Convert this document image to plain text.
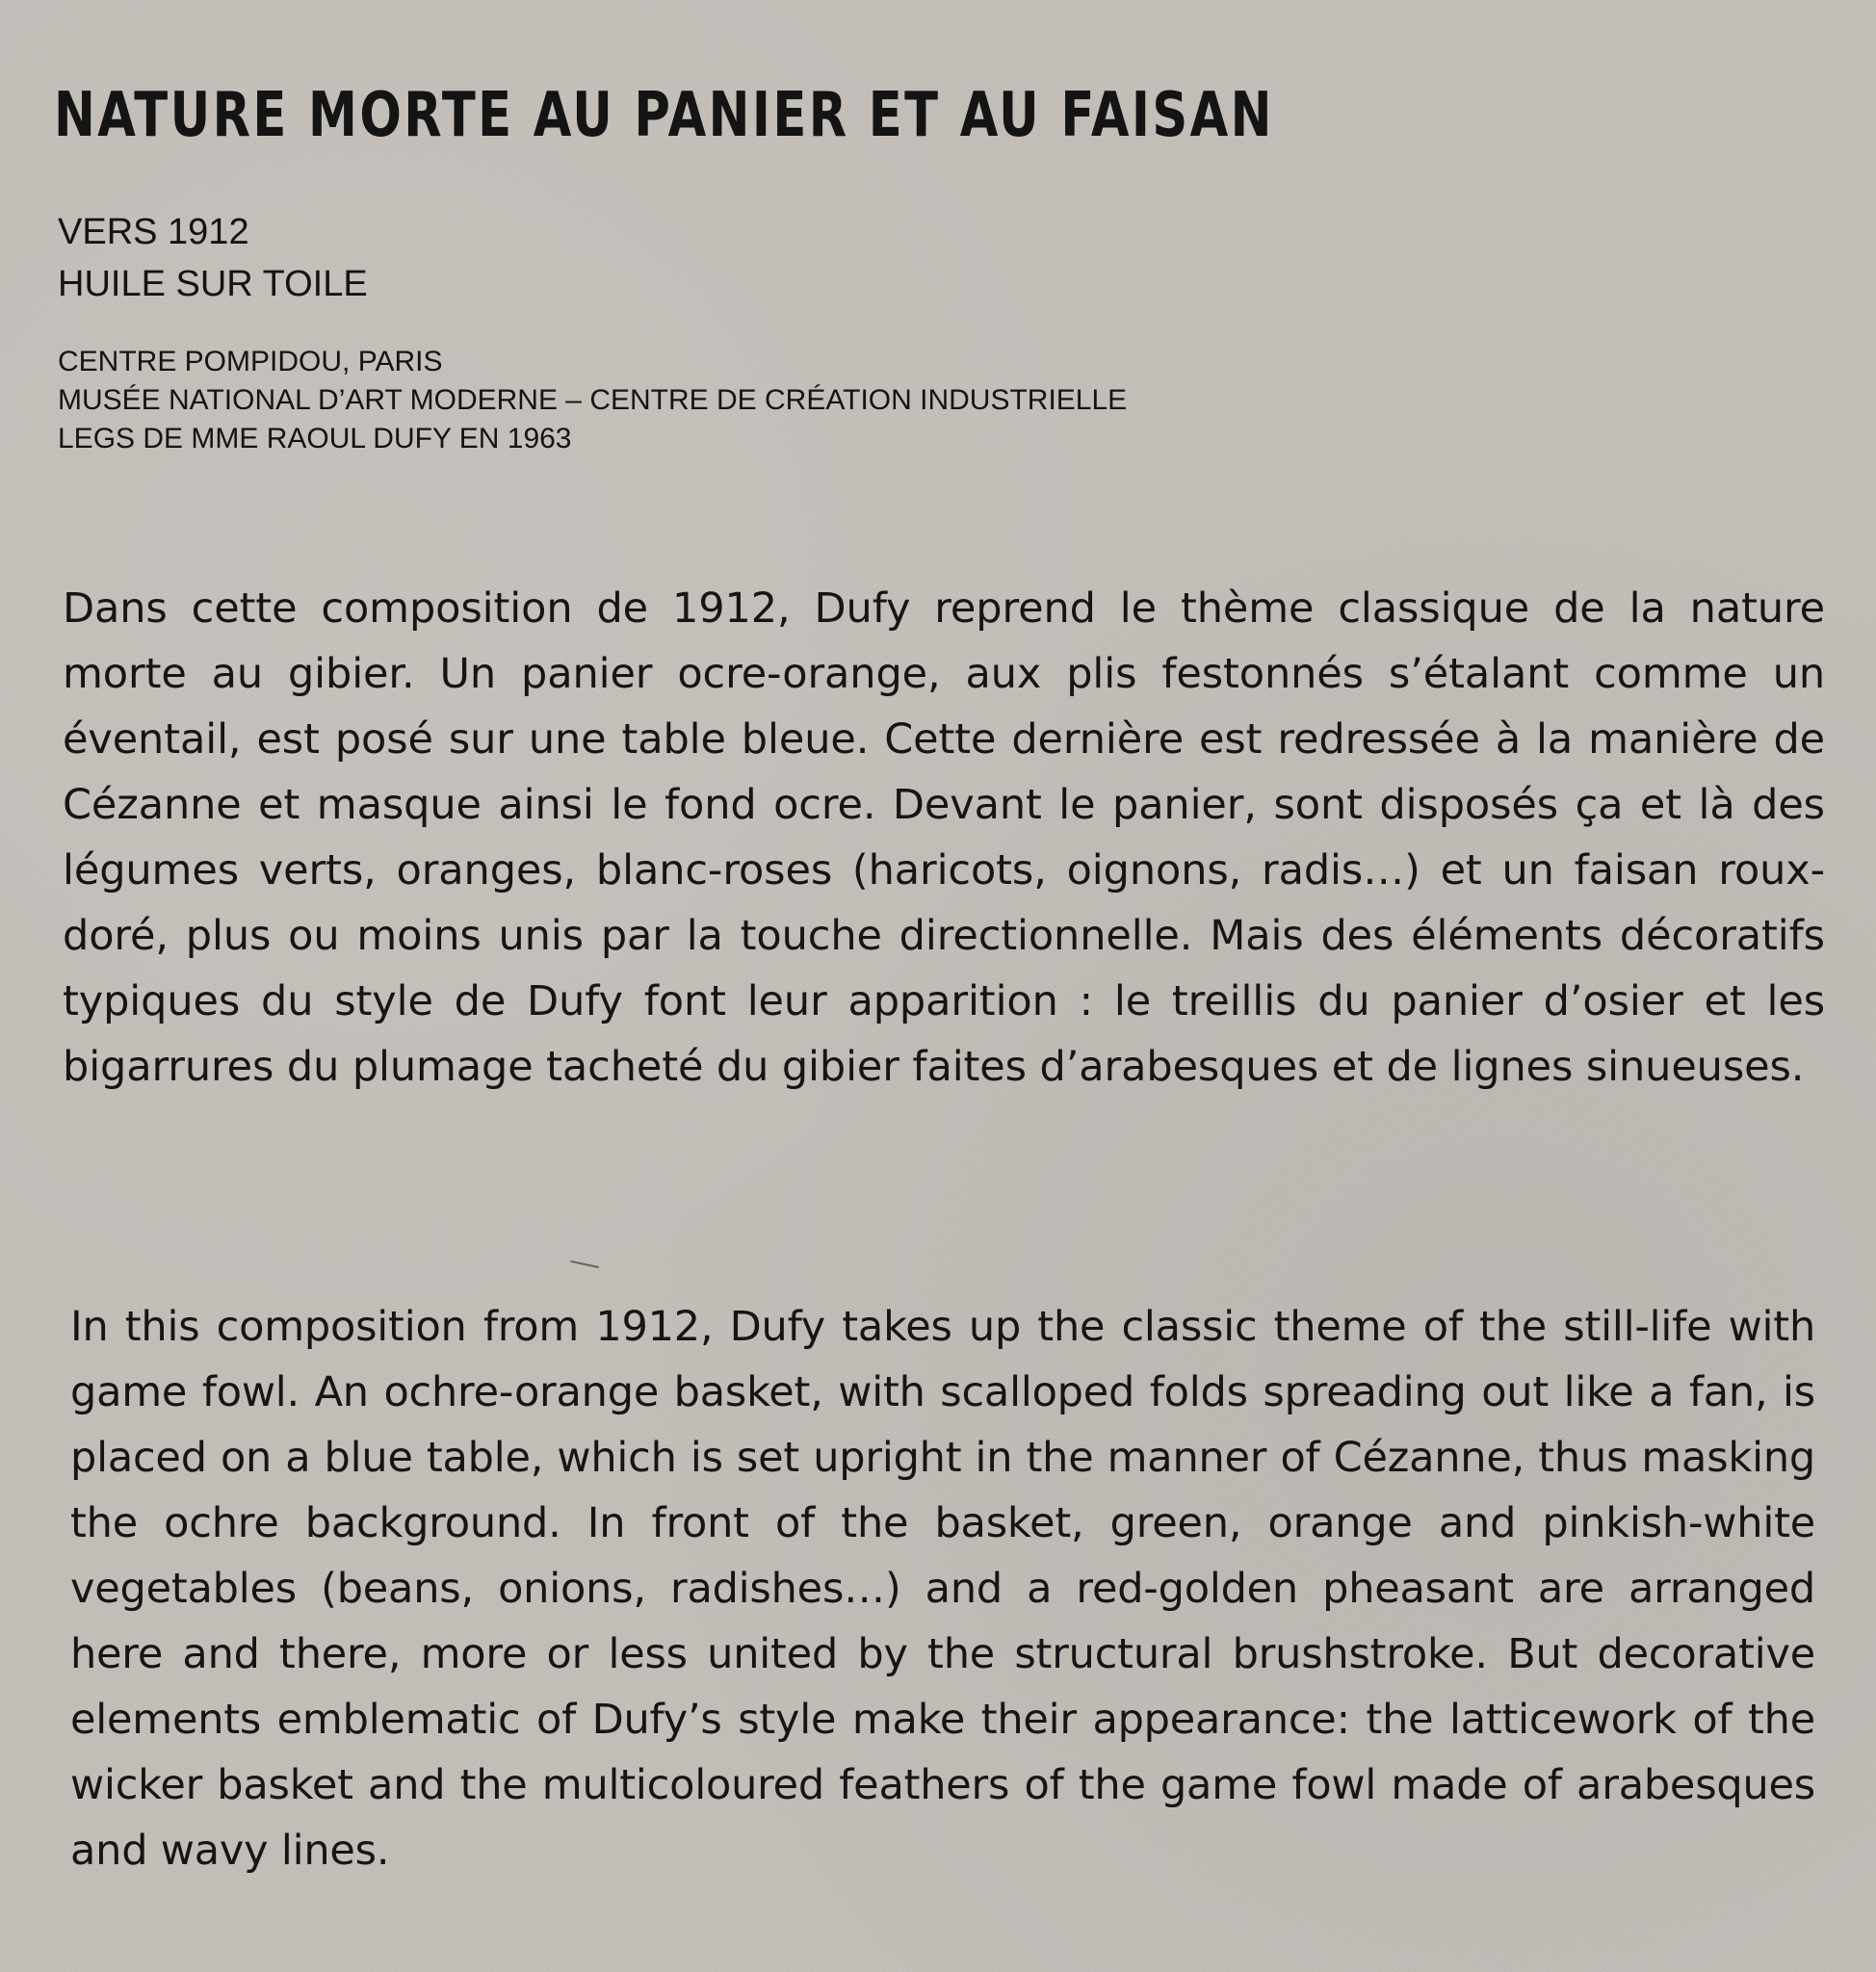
NATURE MORTE AU PANIER ET AU FAISAN
VERS 1912
HUILE SUR TOILE
CENTRE POMPIDOU, PARIS
MUSÉE NATIONAL D’ART MODERNE – CENTRE DE CRÉATION INDUSTRIELLE
LEGS DE MME RAOUL DUFY EN 1963

Dans cette composition de 1912, Dufy reprend le thème classique de la nature morte au gibier. Un panier ocre-orange, aux plis festonnés s’étalant comme un éventail, est posé sur une table bleue. Cette dernière est redressée à la manière de Cézanne et masque ainsi le fond ocre. Devant le panier, sont disposés ça et là des légumes verts, oranges, blanc-roses (haricots, oignons, radis…) et un faisan roux-doré, plus ou moins unis par la touche directionnelle. Mais des éléments décoratifs typiques du style de Dufy font leur apparition : le treillis du panier d’osier et les bigarrures du plumage tacheté du gibier faites d’arabesques et de lignes sinueuses.

In this composition from 1912, Dufy takes up the classic theme of the still-life with game fowl. An ochre-orange basket, with scalloped folds spreading out like a fan, is placed on a blue table, which is set upright in the manner of Cézanne, thus masking the ochre background. In front of the basket, green, orange and pinkish-white vegetables (beans, onions, radishes…) and a red-golden pheasant are arranged here and there, more or less united by the structural brushstroke. But decorative elements emblematic of Dufy’s style make their appearance: the latticework of the wicker basket and the multicoloured feathers of the game fowl made of arabesques and wavy lines.
